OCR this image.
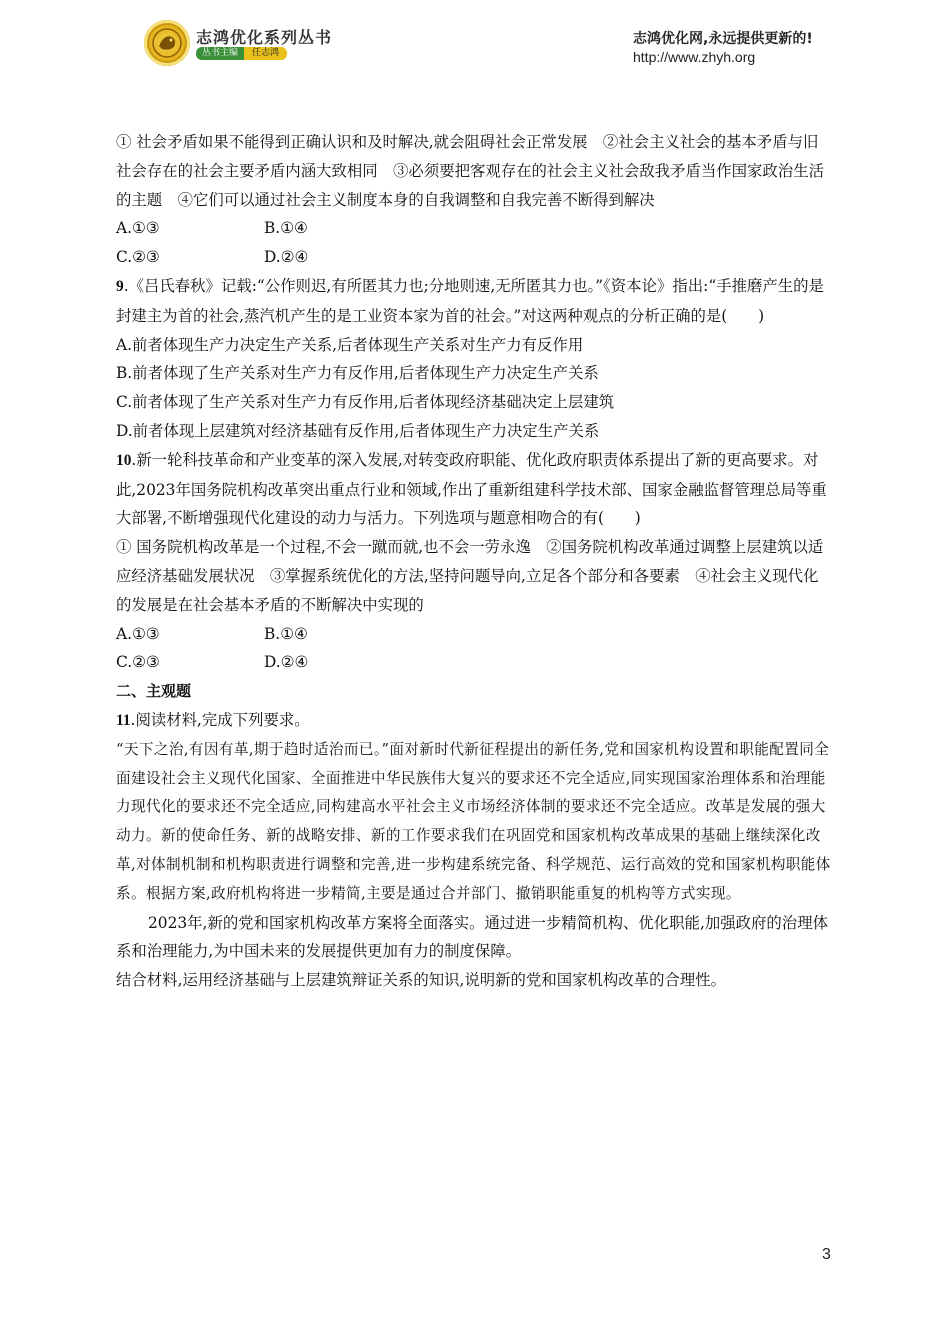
志鸿优化系列丛书
丛书主编	任志鸿
志鸿优化网,永远提供更新的!
http://www.zhyh.org

① 社会矛盾如果不能得到正确认识和及时解决,就会阻碍社会正常发展　②社会主义社会的基本矛盾与旧社会存在的社会主要矛盾内涵大致相同　③必须要把客观存在的社会主义社会敌我矛盾当作国家政治生活的主题　④它们可以通过社会主义制度本身的自我调整和自我完善不断得到解决

A.①③	B.①④

C.②③	D.②④

9.《吕氏春秋》记载:“公作则迟,有所匿其力也;分地则速,无所匿其力也。”《资本论》指出:“手推磨产生的是封建主为首的社会,蒸汽机产生的是工业资本家为首的社会。”对这两种观点的分析正确的是(　　)

A.前者体现生产力决定生产关系,后者体现生产关系对生产力有反作用

B.前者体现了生产关系对生产力有反作用,后者体现生产力决定生产关系

C.前者体现了生产关系对生产力有反作用,后者体现经济基础决定上层建筑

D.前者体现上层建筑对经济基础有反作用,后者体现生产力决定生产关系

10.新一轮科技革命和产业变革的深入发展,对转变政府职能、优化政府职责体系提出了新的更高要求。对此,2023年国务院机构改革突出重点行业和领域,作出了重新组建科学技术部、国家金融监督管理总局等重大部署,不断增强现代化建设的动力与活力。下列选项与题意相吻合的有(　　)

① 国务院机构改革是一个过程,不会一蹴而就,也不会一劳永逸　②国务院机构改革通过调整上层建筑以适应经济基础发展状况　③掌握系统优化的方法,坚持问题导向,立足各个部分和各要素　④社会主义现代化的发展是在社会基本矛盾的不断解决中实现的

A.①③	B.①④

C.②③	D.②④

二、主观题

11.阅读材料,完成下列要求。

“天下之治,有因有革,期于趋时适治而已。”面对新时代新征程提出的新任务,党和国家机构设置和职能配置同全面建设社会主义现代化国家、全面推进中华民族伟大复兴的要求还不完全适应,同实现国家治理体系和治理能力现代化的要求还不完全适应,同构建高水平社会主义市场经济体制的要求还不完全适应。改革是发展的强大动力。新的使命任务、新的战略安排、新的工作要求我们在巩固党和国家机构改革成果的基础上继续深化改革,对体制机制和机构职责进行调整和完善,进一步构建系统完备、科学规范、运行高效的党和国家机构职能体系。根据方案,政府机构将进一步精简,主要是通过合并部门、撤销职能重复的机构等方式实现。

2023年,新的党和国家机构改革方案将全面落实。通过进一步精简机构、优化职能,加强政府的治理体系和治理能力,为中国未来的发展提供更加有力的制度保障。

结合材料,运用经济基础与上层建筑辩证关系的知识,说明新的党和国家机构改革的合理性。

3
